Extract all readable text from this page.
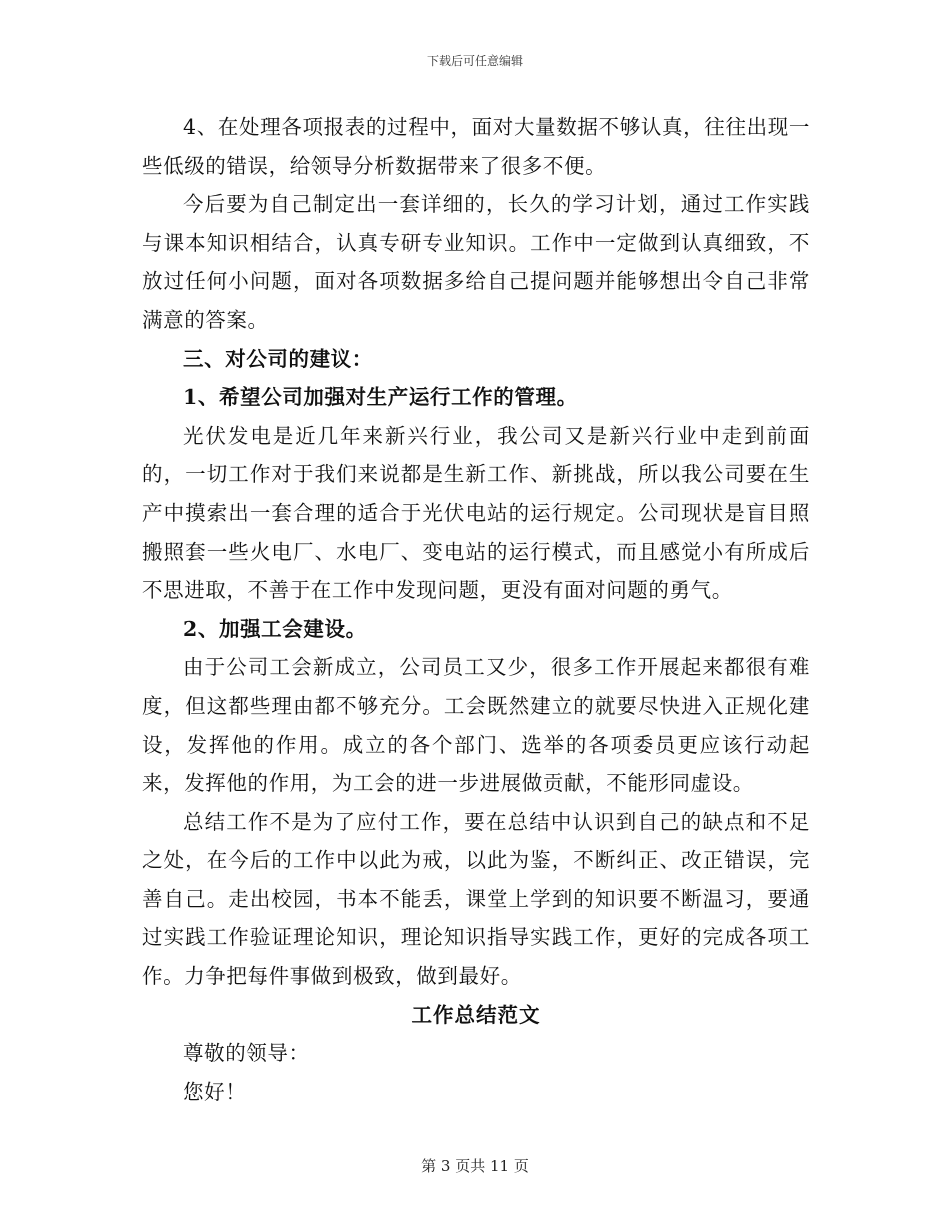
下载后可任意编辑

4、在处理各项报表的过程中，面对大量数据不够认真，往往出现一些低级的错误，给领导分析数据带来了很多不便。

今后要为自己制定出一套详细的，长久的学习计划，通过工作实践与课本知识相结合，认真专研专业知识。工作中一定做到认真细致，不放过任何小问题，面对各项数据多给自己提问题并能够想出令自己非常满意的答案。

三、对公司的建议：

1、希望公司加强对生产运行工作的管理。

光伏发电是近几年来新兴行业，我公司又是新兴行业中走到前面的，一切工作对于我们来说都是生新工作、新挑战，所以我公司要在生产中摸索出一套合理的适合于光伏电站的运行规定。公司现状是盲目照搬照套一些火电厂、水电厂、变电站的运行模式，而且感觉小有所成后不思进取，不善于在工作中发现问题，更没有面对问题的勇气。

2、加强工会建设。

由于公司工会新成立，公司员工又少，很多工作开展起来都很有难度，但这都些理由都不够充分。工会既然建立的就要尽快进入正规化建设，发挥他的作用。成立的各个部门、选举的各项委员更应该行动起来，发挥他的作用，为工会的进一步进展做贡献，不能形同虚设。

总结工作不是为了应付工作，要在总结中认识到自己的缺点和不足之处，在今后的工作中以此为戒，以此为鉴，不断纠正、改正错误，完善自己。走出校园，书本不能丢，课堂上学到的知识要不断温习，要通过实践工作验证理论知识，理论知识指导实践工作，更好的完成各项工作。力争把每件事做到极致，做到最好。

工作总结范文

尊敬的领导：

您好！

第 3 页共 11 页
